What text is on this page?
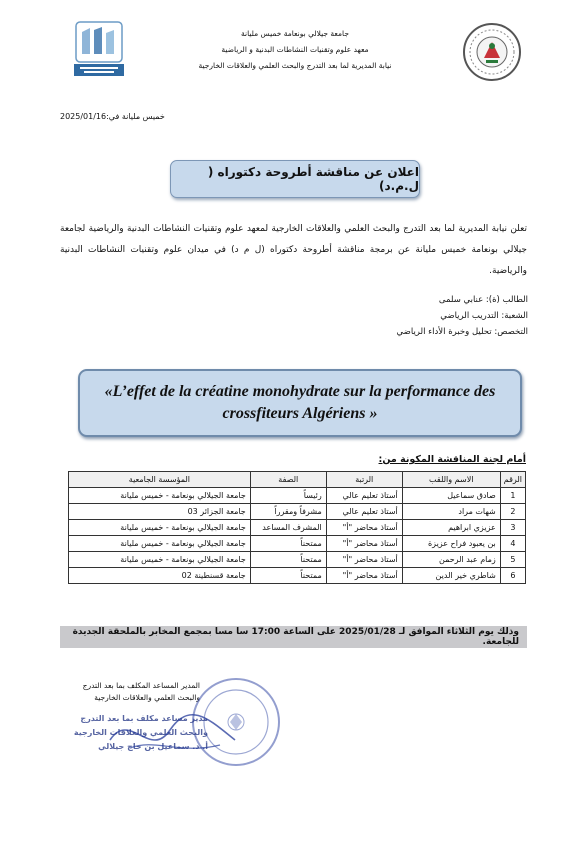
جامعة جيلالي بونعامة خميس مليانة
معهد علوم وتقنيات النشاطات البدنية و الرياضية
نيابة المديرية لما بعد التدرج والبحث العلمي والعلاقات الخارجية
خميس مليانة في:2025/01/16
اعلان عن مناقشة أطروحة دكتوراه ( ل.م.د)
تعلن نيابة المديرية لما بعد التدرج والبحث العلمي والعلاقات الخارجية لمعهد علوم وتقنيات النشاطات البدنية والرياضية لجامعة جيلالي بونعامة خميس مليانة عن برمجة مناقشة أطروحة دكتوراه (ل م د) في ميدان علوم وتقنيات النشاطات البدنية والرياضية.
الطالب (ة): عنابي سلمى
الشعبة: التدريب الرياضي
التخصص: تحليل وخبرة الأداء الرياضي
«L’effet de la créatine monohydrate sur la performance des crossfiteurs Algériens »
أمام لجنة المناقشة المكونة من:
الرقم	الاسم واللقب	الرتبة	الصفة	المؤسسة الجامعية
1	صادق سماعيل	أستاذ تعليم عالي	رئيساً	جامعة الجيلالي بونعامة - خميس مليانة
2	شهات مراد	أستاذ تعليم عالي	مشرفاً ومقرراً	جامعة الجزائر 03
3	عزيزي ابراهيم	أستاذ محاضر "أ"	المشرف المساعد	جامعة الجيلالي بونعامة - خميس مليانة
4	بن يعبود فراح عزيزة	أستاذ محاضر "أ"	ممتحناً	جامعة الجيلالي بونعامة - خميس مليانة
5	زمام عبد الرحمن	أستاذ محاضر "أ"	ممتحناً	جامعة الجيلالي بونعامة - خميس مليانة
6	شاطري خير الدين	أستاذ محاضر "أ"	ممتحناً	جامعة قسنطينة 02
وذلك يوم الثلاثاء الموافق لـ 2025/01/28 على الساعة 17:00 سا مسا بمجمع المخابر بالملحقة الجديدة للجامعة.
المدير المساعد المكلف بما بعد التدرج
والبحث العلمي والعلاقات الخارجية
مدير مساعد مكلف بما بعد التدرج
والبحث العلمي والعلاقات الخارجية
أ. د. سماعيل بن حاج جيلالي
